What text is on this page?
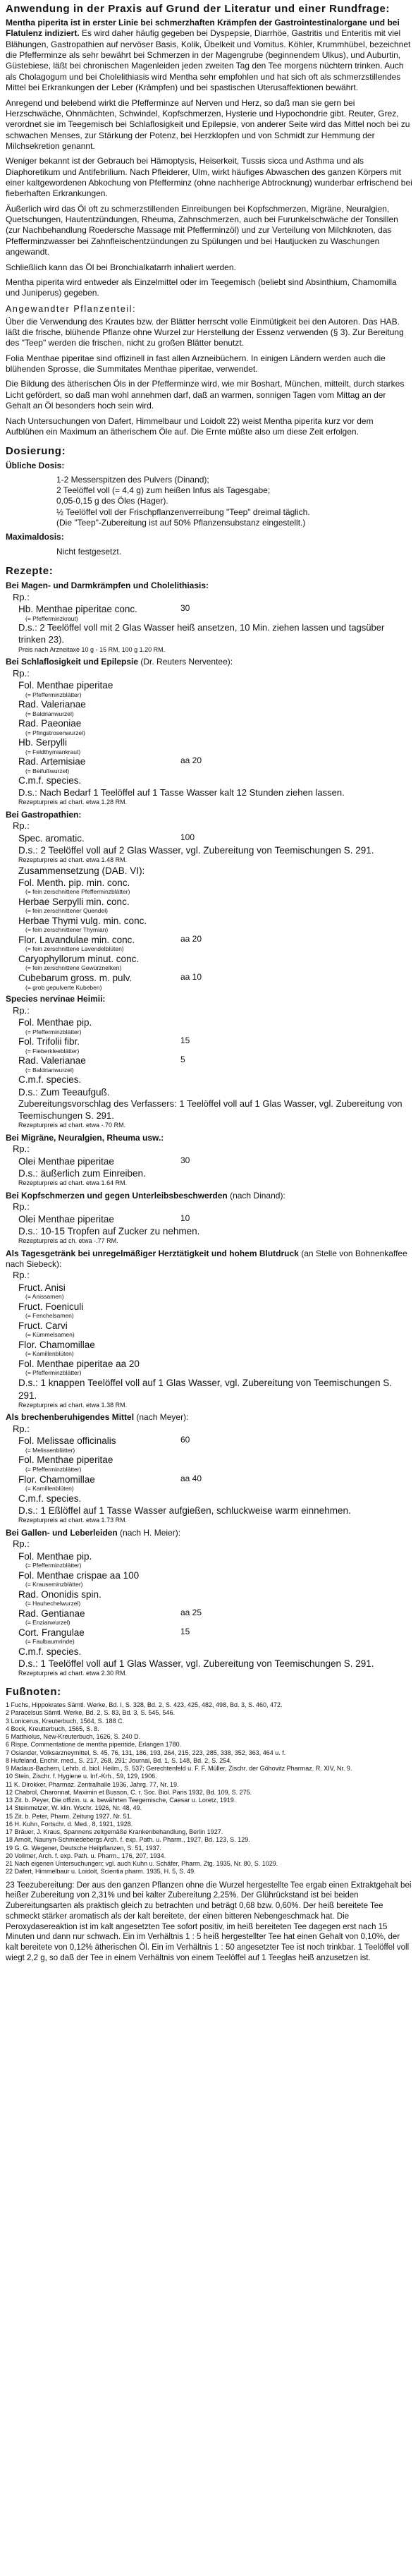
Anwendung in der Praxis auf Grund der Literatur und einer Rundfrage:

Mentha piperita ist in erster Linie bei schmerzhaften Krämpfen der Gastrointestinalorgane und bei Flatulenz indiziert. Es wird daher häufig gegeben bei Dyspepsie, Diarrhöe, Gastritis und Enteritis mit viel Blähungen, Gastropathien auf nervöser Basis, Kolik, Übelkeit und Vomitus. Köhler, Krummhübel, bezeichnet die Pfefferminze als sehr bewährt bei Schmerzen in der Magengrube (beginnendem Ulkus), und Auburtin, Güstebiese, läßt bei chronischen Magenleiden jeden zweiten Tag den Tee morgens nüchtern trinken. Auch als Cholagogum und bei Cholelithiasis wird Mentha sehr empfohlen und hat sich oft als schmerzstillendes Mittel bei Erkrankungen der Leber (Krämpfen) und bei spastischen Uterusaffektionen bewährt.

Anregend und belebend wirkt die Pfefferminze auf Nerven und Herz, so daß man sie gern bei Herzschwäche, Ohnmächten, Schwindel, Kopfschmerzen, Hysterie und Hypochondrie gibt. Reuter, Grez, verordnet sie im Teegemisch bei Schlaflosigkeit und Epilepsie, von anderer Seite wird das Mittel noch bei zu schwachen Menses, zur Stärkung der Potenz, bei Herzklopfen und von Schmidt zur Hemmung der Milchsekretion genannt.

Weniger bekannt ist der Gebrauch bei Hämoptysis, Heiserkeit, Tussis sicca und Asthma und als Diaphoretikum und Antifebrilium. Nach Pfleiderer, Ulm, wirkt häufiges Abwaschen des ganzen Körpers mit einer kaltgewordenen Abkochung von Pfefferminz (ohne nachherige Abtrocknung) wunderbar erfrischend bei fieberhaften Erkrankungen.

Äußerlich wird das Öl oft zu schmerzstillenden Einreibungen bei Kopfschmerzen, Migräne, Neuralgien, Quetschungen, Hautentzündungen, Rheuma, Zahnschmerzen, auch bei Furunkelschwäche der Tonsillen (zur Nachbehandlung Roedersche Massage mit Pfefferminzöl) und zur Verteilung von Milchknoten, das Pfefferminzwasser bei Zahnfleischentzündungen zu Spülungen und bei Hautjucken zu Waschungen angewandt.

Schließlich kann das Öl bei Bronchialkatarrh inhaliert werden.

Mentha piperita wird entweder als Einzelmittel oder im Teegemisch (beliebt sind Absinthium, Chamomilla und Juniperus) gegeben.

Angewandter Pflanzenteil:

Über die Verwendung des Krautes bzw. der Blätter herrscht volle Einmütigkeit bei den Autoren. Das HAB. läßt die frische, blühende Pflanze ohne Wurzel zur Herstellung der Essenz verwenden (§ 3). Zur Bereitung des "Teep" werden die frischen, nicht zu großen Blätter benutzt.

Folia Menthae piperitae sind offizinell in fast allen Arzneibüchern. In einigen Ländern werden auch die blühenden Sprosse, die Summitates Menthae piperitae, verwendet.

Die Bildung des ätherischen Öls in der Pfefferminze wird, wie mir Boshart, München, mitteilt, durch starkes Licht gefördert, so daß man wohl annehmen darf, daß an warmen, sonnigen Tagen vom Mittag an der Gehalt an Öl besonders hoch sein wird.

Nach Untersuchungen von Dafert, Himmelbaur und Loidolt 22) weist Mentha piperita kurz vor dem Aufblühen ein Maximum an ätherischem Öle auf. Die Ernte müßte also um diese Zeit erfolgen.

Dosierung:
Übliche Dosis:
1-2 Messerspitzen des Pulvers (Dinand);
2 Teelöffel voll (= 4,4 g) zum heißen Infus als Tagesgabe;
0,05-0,15 g des Öles (Hager).
½ Teelöffel voll der Frischpflanzenverreibung "Teep" dreimal täglich.
(Die "Teep"-Zubereitung ist auf 50% Pflanzensubstanz eingestellt.)
Maximaldosis:
Nicht festgesetzt.
Rezepte:
Bei Magen- und Darmkrämpfen und Cholelithiasis:
Rp.:
Hb. Menthae piperitae conc.	30
(= Pfefferminzkraut)
D.s.: 2 Teelöffel voll mit 2 Glas Wasser heiß ansetzen, 10 Min. ziehen lassen und tagsüber trinken 23).
Preis nach Arzneitaxe 10 g - 15 RM, 100 g 1.20 RM.
Bei Schlaflosigkeit und Epilepsie (Dr. Reuters Nerventee):
Rp.:
Fol. Menthae piperitae
(= Pfefferminzblätter)
Rad. Valerianae
(= Baldrianwurzel)
Rad. Paeoniae
(= Pfingstrosenwurzel)
Hb. Serpylli
(= Feldthymiankraut)
Rad. Artemisiae	aa 20
(= Beifußwurzel)
C.m.f. species.
D.s.: Nach Bedarf 1 Teelöffel auf 1 Tasse Wasser kalt 12 Stunden ziehen lassen.
Rezepturpreis ad chart. etwa 1.28 RM.
Bei Gastropathien:
Rp.:
Spec. aromatic.	100
D.s.: 2 Teelöffel voll auf 2 Glas Wasser, vgl. Zubereitung von Teemischungen S. 291.
Rezepturpreis ad chart. etwa 1.48 RM.
Zusammensetzung (DAB. VI):
Fol. Menth. pip. min. conc.
(= fein zerschnittene Pfefferminzblätter)
Herbae Serpylli min. conc.
(= fein zerschnittener Quendel)
Herbae Thymi vulg. min. conc.
(= fein zerschnittener Thymian)
Flor. Lavandulae min. conc.	aa 20
(= fein zerschnittene Lavendelblüten)
Caryophyllorum minut. conc.
(= fein zerschnittene Gewürznelken)
Cubebarum gross. m. pulv.	aa 10
(= grob gepulverte Kubeben)
Species nervinae Heimii:
Rp.:
Fol. Menthae pip.
(= Pfefferminzblätter)
Fol. Trifolii fibr.	15
(= Fieberkleeblätter)
Rad. Valerianae	5
(= Baldrianwurzel)
C.m.f. species.
D.s.: Zum Teeaufguß.
Zubereitungsvorschlag des Verfassers: 1 Teelöffel voll auf 1 Glas Wasser, vgl. Zubereitung von Teemischungen S. 291.
Rezepturpreis ad chart. etwa -.70 RM.
Bei Migräne, Neuralgien, Rheuma usw.:
Rp.:
Olei Menthae piperitae	30
D.s.: äußerlich zum Einreiben.
Rezepturpreis ad chart. etwa 1.64 RM.
Bei Kopfschmerzen und gegen Unterleibsbeschwerden (nach Dinand):
Rp.:
Olei Menthae piperitae	10
D.s.: 10-15 Tropfen auf Zucker zu nehmen.
Rezepturpreis ad ch. etwa -.77 RM.
Als Tagesgetränk bei unregelmäßiger Herztätigkeit und hohem Blutdruck (an Stelle von Bohnenkaffee nach Siebeck):
Rp.:
Fruct. Anisi
(= Anissamen)
Fruct. Foeniculi
(= Fenchelsamen)
Fruct. Carvi
(= Kümmelsamen)
Flor. Chamomillae
(= Kamillenblüten)
Fol. Menthae piperitae aa 20
(= Pfefferminzblätter)
D.s.: 1 knappen Teelöffel voll auf 1 Glas Wasser, vgl. Zubereitung von Teemischungen S. 291.
Rezepturpreis ad chart. etwa 1.38 RM.
Als brechenberuhigendes Mittel (nach Meyer):
Rp.:
Fol. Melissae officinalis	60
(= Melissenblätter)
Fol. Menthae piperitae
(= Pfefferminzblätter)
Flor. Chamomillae	aa 40
(= Kamillenblüten)
C.m.f. species.
D.s.: 1 Eßlöffel auf 1 Tasse Wasser aufgießen, schluckweise warm einnehmen.
Rezepturpreis ad chart. etwa 1.73 RM.
Bei Gallen- und Leberleiden (nach H. Meier):
Rp.:
Fol. Menthae pip.
(= Pfefferminzblätter)
Fol. Menthae crispae aa 100
(= Krauseminzblätter)
Rad. Ononidis spin.
(= Hauhechelwurzel)
Rad. Gentianae	aa 25
(= Enzianwurzel)
Cort. Frangulae	15
(= Faulbaumrinde)
C.m.f. species.
D.s.: 1 Teelöffel voll auf 1 Glas Wasser, vgl. Zubereitung von Teemischungen S. 291.
Rezepturpreis ad chart. etwa 2.30 RM.
Fußnoten:

1 Fuchs, Hippokrates Sämtl. Werke, Bd. I, S. 328, Bd. 2, S. 423, 425, 482, 498, Bd. 3, S. 460, 472.

2 Paracelsus Sämtl. Werke, Bd. 2, S. 83, Bd. 3, S. 545, 546.

3 Lonicerus, Kreuterbuch, 1564, S. 188 C.

4 Bock, Kreutterbuch, 1565, S. 8.

5 Matthiolus, New-Kreuterbuch, 1626, S. 240 D.

6 Rispe, Commentatione de mentha piperitide, Erlangen 1780.

7 Osiander, Volksarzneymittel, S. 45, 76, 131, 186, 193, 264, 215, 223, 285, 338, 352, 363, 464 u. f.

8 Hufeland, Enchir. med., S. 217, 268, 291; Journal, Bd. 1, S. 148, Bd. 2, S. 254.

9 Madaus-Bachem, Lehrb. d. biol. Heilm., S. 537; Gerechtenfeld u. F. F. Müller, Zischr. der Göhovitz Pharmaz. R. XIV, Nr. 9.

10 Stein, Zischr. f. Hygiene u. Inf.-Krh., 59, 129, 1906.

11 K. Dirokker, Pharmaz. Zentralhalle 1936, Jahrg. 77, Nr. 19.

12 Chabrol, Charonnat, Maximin et Busson, C. r. Soc. Biol. Paris 1932, Bd. 109, S. 275.

13 Zit. b. Peyer, Die offizin. u. a. bewährten Teegemische, Caesar u. Loretz, 1919.

14 Steinmetzer, W. klin. Wschr. 1926, Nr. 48, 49.

15 Zit. b. Peter, Pharm. Zeitung 1927, Nr. 51.

16 H. Kuhn, Fortschr. d. Med., 8, 1921, 1928.

17 Bräuer, J. Kraus, Spannens zeltgemäße Krankenbehandlung, Berlin 1927.

18 Arnolt, Naunyn-Schmiedebergs Arch. f. exp. Path. u. Pharm., 1927, Bd. 123, S. 129.

19 G. G. Wegener, Deutsche Heilpflanzen, S. 51, 1937.

20 Vollmer, Arch. f. exp. Path. u. Pharm., 176, 207, 1934.

21 Nach eigenen Untersuchungen; vgl. auch Kuhn u. Schäfer, Pharm. Ztg. 1935, Nr. 80, S. 1029.

22 Dafert, Himmelbaur u. Loidolt, Scientia pharm. 1935, H. 5, S. 49.

23 Teezubereitung: Der aus den ganzen Pflanzen ohne die Wurzel hergestellte Tee ergab einen Extraktgehalt bei heißer Zubereitung von 2,31% und bei kalter Zubereitung 2,25%. Der Glührückstand ist bei beiden Zubereitungsarten als praktisch gleich zu betrachten und beträgt 0,68 bzw. 0,60%. Der heiß bereitete Tee schmeckt stärker aromatisch als der kalt bereitete, der einen bitteren Nebengeschmack hat. Die Peroxydasereaktion ist im kalt angesetzten Tee sofort positiv, im heiß bereiteten Tee dagegen erst nach 15 Minuten und dann nur schwach. Ein im Verhältnis 1 : 5 heiß hergestellter Tee hat einen Gehalt von 0,10%, der kalt bereitete von 0,12% ätherischen Öl. Ein im Verhältnis 1 : 50 angesetzter Tee ist noch trinkbar. 1 Teelöffel voll wiegt 2,2 g, so daß der Tee in einem Verhältnis von einem Teelöffel auf 1 Teeglas heiß anzusetzen ist.
